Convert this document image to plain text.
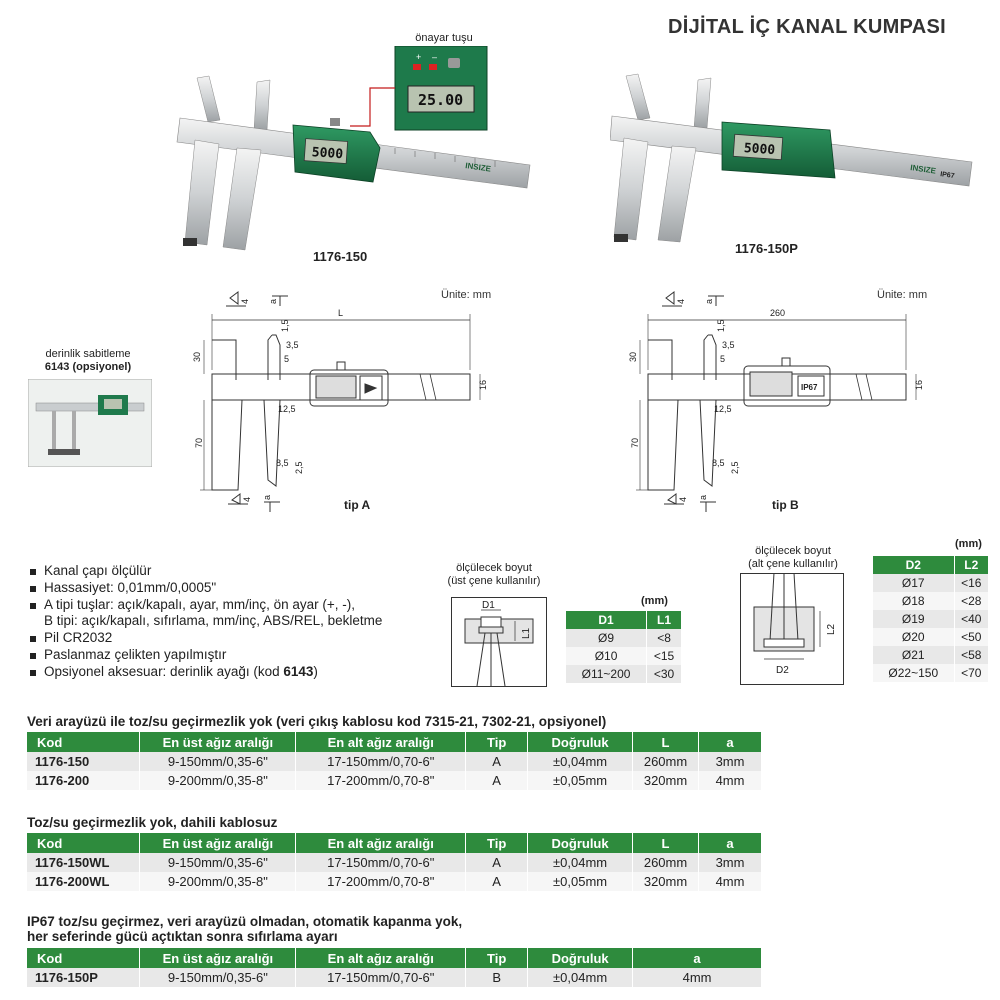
DİJİTAL İÇ KANAL KUMPASI
5000
INSIZE
önayar tuşu
25.00
+ –
1176-150
5000
INSIZE IP67
1176-150P
derinlik sabitleme
6143 (opsiyonel)
Ünite: mm
L
30
70
16
1,5
3,5
5
12,5
8,5 2,5
4 a
4 a
tip A
Ünite: mm
260
IP67
30
70
16
1,5
3,5
5
12,5
8,5 2,5
4 a
4 a
tip B
Kanal çapı ölçülür
Hassasiyet: 0,01mm/0,0005"
A tipi tuşlar: açık/kapalı, ayar, mm/inç, ön ayar (+, -),
B tipi: açık/kapalı, sıfırlama, mm/inç, ABS/REL, bekletme
Pil CR2032
Paslanmaz çelikten yapılmıştır
Opsiyonel aksesuar: derinlik ayağı (kod 6143)
ölçülecek boyut
(üst çene kullanılır)
D1
L1
(mm)
D1	L1
Ø9	<8
Ø10	<15
Ø11~200	<30
ölçülecek boyut
(alt çene kullanılır)
D2
L2
(mm)
D2	L2
Ø17	<16
Ø18	<28
Ø19	<40
Ø20	<50
Ø21	<58
Ø22~150	<70
Veri arayüzü ile toz/su geçirmezlik yok (veri çıkış kablosu kod 7315-21, 7302-21, opsiyonel)
Kod	En üst ağız aralığı	En alt ağız aralığı	Tip	Doğruluk	L	a
1176-150	9-150mm/0,35-6"	17-150mm/0,70-6"	A	±0,04mm	260mm	3mm
1176-200	9-200mm/0,35-8"	17-200mm/0,70-8"	A	±0,05mm	320mm	4mm
Toz/su geçirmezlik yok, dahili kablosuz
Kod	En üst ağız aralığı	En alt ağız aralığı	Tip	Doğruluk	L	a
1176-150WL	9-150mm/0,35-6"	17-150mm/0,70-6"	A	±0,04mm	260mm	3mm
1176-200WL	9-200mm/0,35-8"	17-200mm/0,70-8"	A	±0,05mm	320mm	4mm
IP67 toz/su geçirmez, veri arayüzü olmadan, otomatik kapanma yok,
her seferinde gücü açtıktan sonra sıfırlama ayarı
Kod	En üst ağız aralığı	En alt ağız aralığı	Tip	Doğruluk	a
1176-150P	9-150mm/0,35-6"	17-150mm/0,70-6"	B	±0,04mm	4mm
